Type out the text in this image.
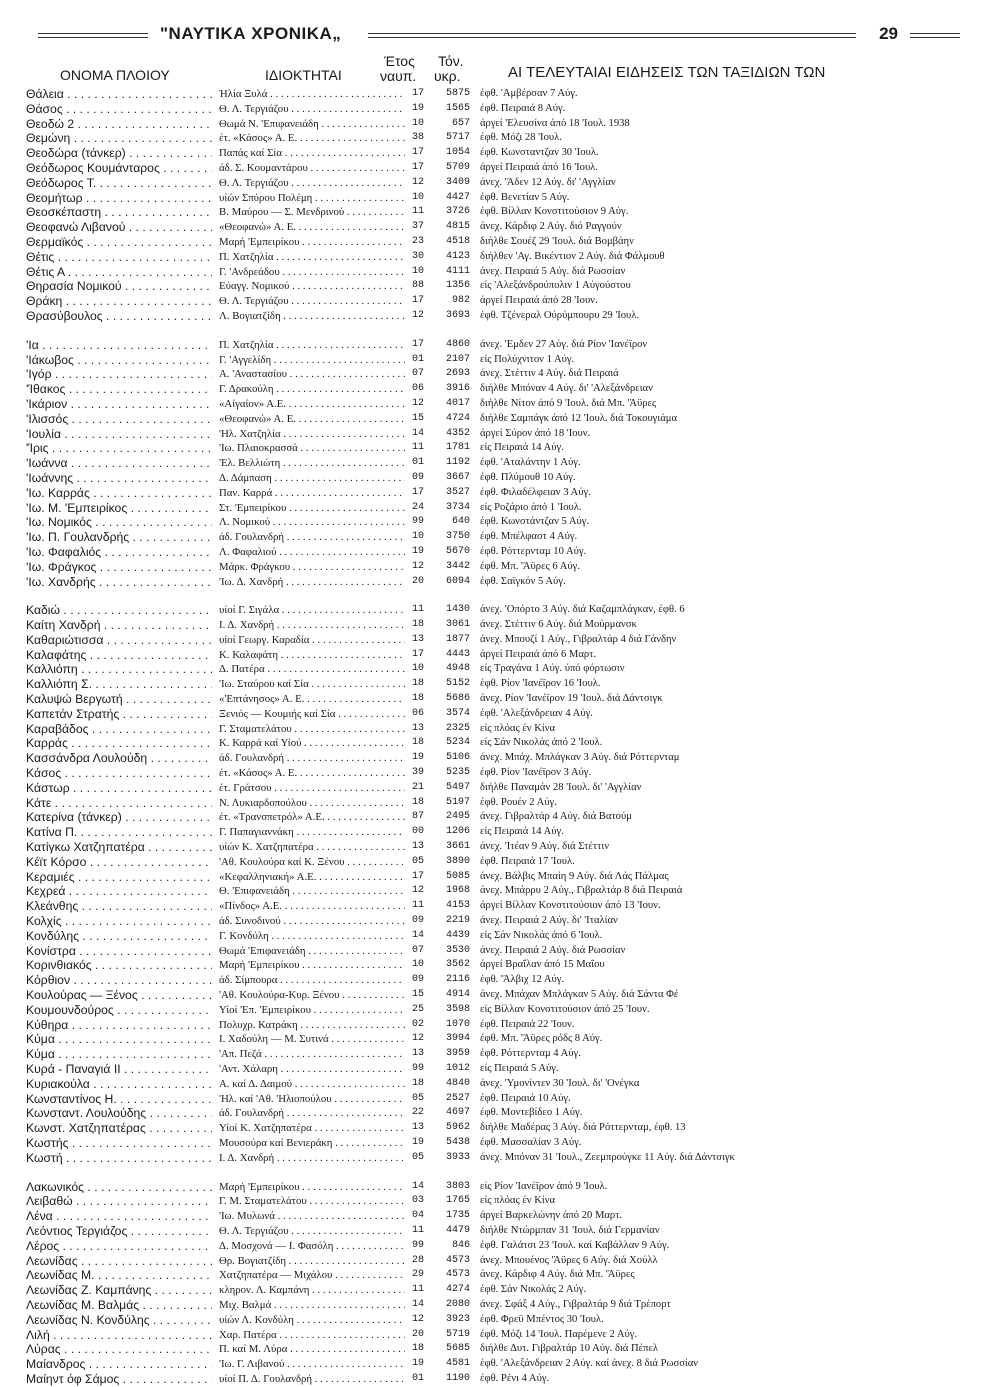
"ΝΑΥΤΙΚΑ ΧΡΟΝΙΚΑ„	29
ΟΝΟΜΑ ΠΛΟΙΟΥ	ΙΔΙΟΚΤΗΤΑΙ
Έτος
ναυπ.
Τόν.
υκρ.	ΑΙ ΤΕΛΕΥΤΑΙΑΙ ΕΙΔΗΣΕΙΣ ΤΩΝ ΤΑΞΙΔΙΩΝ ΤΩΝ
Θάλεια . . .	Ήλία Ξυλά . . .	17	5875 έφθ. 'Αμβέρσαν 7 Αύγ.
Θάσος . . .	Θ. Λ. Τεργιάζου . . .	19	1565 έφθ. Πειραιά 8 Αύγ.
Θεοδώ 2 . . .	Θωμά Ν. 'Επιφανειάδη . . .	10	657 άργεί 'Ελευσίνα άπό 18 'Ιουλ. 1938
Θεμώνη . . .	έτ. «Κάσος» Α. Ε. . . .	38	5717 έφθ. Μόζι 28 'Ιουλ.
Θεοδώρα (τάνκερ) . . .	Παπάς καί Σία . . .	17	1054 έφθ. Κωνσταντζαν 30 'Ιουλ.
Θεόδωρος Κουμάνταρος . . .	άδ. Σ. Κουμαντάρου . . .	17	5709 άργεί Πειραιά άπό 16 'Ιουλ.
Θεόδωρος Τ. . . .	Θ. Λ. Τεργιάζου . . .	12	3409 άνεχ. 'Άδεν 12 Αύγ. δι' 'Αγγλίαν
Θεομήτωρ . . .	υίών Σπύρου Πολέμη . . .	10	4427 έφθ. Βενετίαν 5 Αύγ.
Θεοσκέπαστη . . .	Β. Μαύρου — Σ. Μενδρινού . . .	11	3726 έφθ. Βίλλαν Κονστιτούσιον 9 Αύγ.
Θεοφανώ Λιβανού . . .	«Θεοφανώ» Α. Ε. . . .	37	4815 άνεχ. Κάρδιφ 2 Αύγ. διό Ραγγούν
Θερμαϊκός . . .	Μαρή 'Εμπειρίκου . . .	23	4518 διήλθε Σουέζ 29 'Ιουλ. διά Βομβάην
Θέτις . . .	Π. Χατζηλία . . .	30	4123 διήλθεν 'Αγ. Βικέντιον 2 Αύγ. διά Φάλμουθ
Θέτις Α . . .	Γ. 'Ανδρεάδου . . .	10	4111 άνεχ. Πειραιά 5 Αύγ. διά Ρωσσίαν
Θηρασία Νομικού . . .	Εύαγγ. Νομικού . . .	88	1356 είς 'Αλεξάνδρούπολιν 1 Αύγούστου
Θράκη . . .	Θ. Λ. Τεργιάζου . . .	17	982 άργεί Πειραιά άπό 28 'Ιουν.
Θρασύβουλος . . .	Λ. Βογιατζίδη . . .	12	3693 έφθ. Τζένεραλ Ούρύμπουρυ 29 'Ιουλ.
'Ια . . .	Π. Χατζηλία . . .	17	4860 άνεχ. 'Εμδεν 27 Αύγ. διά Ρίον 'Ιανέϊρον
'Ιάκωβος . . .	Γ. 'Αγγελίδη . . .	01	2107 είς Πολύχνιτον 1 Αύγ.
'Ιγόρ . . .	Α. 'Αναστασίου . . .	07	2693 άνεχ. Στέττιν 4 Αύγ. διά Πειραιά
'Ίθακος . . .	Γ. Δρακούλη . . .	06	3916 διήλθε Μπόναν 4 Αύγ. δι' 'Αλεξάνδρειαν
'Ικάριον . . .	«Αίγαίον» Α.Ε. . . .	12	4017 διήλθε Νίτον άπό 9 'Ιουλ. διά Μπ. 'Άϋρες
'Ιλισσός . . .	«Θεοφανώ» Α. Ε. . . .	15	4724 διήλθε Σαμπάγκ άπό 12 'Ιουλ. διά Τοκουγιάμα
'Ιουλία . . .	'Ηλ. Χατζηλία . . .	14	4352 άργεί Σύρον άπό 18 'Ιουν.
'Ίρις . . .	'Ιω. Πλαιοκρασσά . . .	11	1781 είς Πειραιά 14 Αύγ.
'Ιωάννα . . .	'Ελ. Βελλιώτη . . .	01	1192 έφθ. 'Αταλάντην 1 Αύγ.
'Ιωάννης . . .	Δ. Δάμπαση . . .	09	3667 έφθ. Πλύμουθ 10 Αύγ.
'Ιω. Καρράς . . .	Παν. Καρρά . . .	17	3527 έφθ. Φιλαδέλφειαν 3 Αύγ.
'Ιω. Μ. 'Εμπειρίκος . . .	Στ. 'Εμπειρίκου . . .	24	3734 είς Ροζάριο άπό 1 'Ιουλ.
'Ιω. Νομικός . . .	Λ. Νομικού . . .	99	640 έφθ. Κωνστάντζαν 5 Αύγ.
'Ιω. Π. Γουλανδρής . . .	άδ. Γουλανδρή . . .	10	3750 έφθ. Μπέλφαστ 4 Αύγ.
'Ιω. Φαφαλιός . . .	Λ. Φαφαλιού . . .	19	5670 έφθ. Ρόττερνταμ 10 Αύγ.
'Ιω. Φράγκος . . .	Μάρκ. Φράγκου . . .	12	3442 έφθ. Μπ. 'Άϋρες 6 Αύγ.
'Ιω. Χανδρής . . .	'Ιω. Δ. Χανδρή . . .	20	6094 έφθ. Σαϊγκόν 5 Αύγ.
Καδιώ . . .	υίοί Γ. Σιγάλα . . .	11	1430 άνεχ. 'Οπόρτο 3 Αύγ. διά Καζαμπλάγκαν, έφθ. 6
Καίτη Χανδρή . . .	Ι. Δ. Χανδρή . . .	18	3061 άνεχ. Στέττιν 6 Αύγ. διά Μούρμανσκ
Καθαριώτισσα . . .	υίοί Γεωργ. Καραδία . . .	13	1877 άνεχ. Μπουζί 1 Αύγ., Γιβραλτάρ 4 διά Γάνδην
Καλαφάτης . . .	Κ. Καλαφάτη . . .	17	4443 άργεί Πειραιά άπό 6 Μαρτ.
Καλλιόπη . . .	Δ. Πατέρα . . .	10	4948 είς Τραγάνα 1 Αύγ. ύπό φόρτωσιν
Καλλιόπη Σ. . . .	'Ιω. Σταύρου καί Σία . . .	18	5152 έφθ. Ρίον 'Ιανέϊρον 16 'Ιουλ.
Καλυψώ Βεργωτή . . .	«'Επτάνησος» Α. Ε. . . .	18	5686 άνεχ. Ρίον 'Ιανέϊρον 19 'Ιουλ. διά Δάντσιγκ
Καπετάν Στρατής . . .	Ξενιός — Κουμιής καί Σία . . .	06	3574 έφθ. 'Αλεξάνδρειαν 4 Αύγ.
Καραβάδος . . .	Γ. Σταματελάτου . . .	13	2325 είς πλόας έν Κίνα
Καρράς . . .	Κ. Καρρά καί Υίού . . .	18	5234 είς Σάν Νικολάς άπό 2 'Ιουλ.
Κασσάνδρα Λουλούδη . . .	άδ. Γουλανδρή . . .	19	5106 άνεχ. Μπάχ. Μπλάγκαν 3 Αύγ. διά Ρόττερνταμ
Κάσος . . .	έτ. «Κάσος» Α. Ε. . . .	39	5235 έφθ. Ρίον 'Ιανέϊρον 3 Αύγ.
Κάστωρ . . .	έτ. Γράτσου . . .	21	5497 διήλθε Παναμάν 28 'Ιουλ. δι' 'Αγγλίαν
Κάτε . . .	Ν. Λυκιαρδοπούλου . . .	18	5197 έφθ. Ρουέν 2 Αύγ.
Κατερίνα (τάνκερ) . . .	έτ. «Τρανσπετρόλ» Α.Ε. . . .	87	2495 άνεχ. Γιβραλτάρ 4 Αύγ. διά Βατούμ
Κατίνα Π. . . .	Γ. Παπαγιαννάκη . . .	00	1206 είς Πειραιά 14 Αύγ.
Κατίγκω Χατζηπατέρα . . .	υίών Κ. Χατζηπατέρα . . .	13	3661 άνεχ. 'Ιτέαν 9 Αύγ. διά Στέττιν
Κέϊτ Κόρσο . . .	'Αθ. Κουλούρα καί Κ. Ξένου . . .	05	3890 έφθ. Πειραιά 17 'Ιουλ.
Κεραμιές . . .	«Κεφαλληνιακή» Α.Ε. . . .	17	5085 άνεχ. Βάλβις Μπαίη 9 Αύγ. διά Λάς Πάλμας
Κεχρεά . . .	Θ. 'Επιφανειάδη . . .	12	1968 άνεχ. Μπάρρυ 2 Αύγ., Γιβραλτάρ 8 διά Πειραιά
Κλεάνθης . . .	«Πίνδος» Α.Ε. . . .	11	4153 άργεί Βίλλαν Κονστιτούσιον άπό 13 'Ιουν.
Κολχίς . . .	άδ. Συνοδινού . . .	09	2219 άνεχ. Πειραιά 2 Αύγ. δι' 'Ιταλίαν
Κονδύλης . . .	Γ. Κονδύλη . . .	14	4439 είς Σάν Νικολάς άπό 6 'Ιουλ.
Κονίστρα . . .	Θωμά 'Επιφανειάδη . . .	07	3530 άνεχ. Πειραιά 2 Αύγ. διά Ρωσσίαν
Κορινθιακός . . .	Μαρή 'Εμπειρίκου . . .	10	3562 άργεί Βραΐλαν άπό 15 Μαΐου
Κόρθιον . . .	άδ. Σίμπουρα . . .	09	2116 έφθ. 'Άλβιχ 12 Αύγ.
Κουλούρας — Ξένος . . .	'Αθ. Κουλούρα-Κυρ. Ξένου . . .	15	4914 άνεχ. Μπάχαν Μπλάγκαν 5 Αύγ. διά Σάντα Φέ
Κουμουνδούρος . . .	Υίοί 'Επ. 'Εμπειρίκου . . .	25	3598 είς Βίλλαν Κονστιτούσιον άπό 25 'Ιουν.
Κύθηρα . . .	Πολυχρ. Κατράκη . . .	02	1070 έφθ. Πειραιά 22 'Ιουν.
Κύμα . . .	Ι. Χαδούλη — Μ. Συτινά . . .	12	3994 έφθ. Μπ. 'Άϋρες ρόδς 8 Αύγ.
Κύμα . . .	'Απ. Πεζά . . .	13	3959 έφθ. Ρόττερνταμ 4 Αύγ.
Κυρά - Παναγιά ΙΙ . . .	'Αντ. Χάλαρη . . .	99	1012 είς Πειραιά 5 Αύγ.
Κυριακούλα . . .	Α. καί Δ. Δαιμού . . .	18	4840 άνεχ. 'Υμονίντεν 30 'Ιουλ. δι' 'Ονέγκα
Κωνσταντίνος Η. . . .	'Ηλ. καί 'Αθ. 'Ηλιοπούλου . . .	05	2527 έφθ. Πειραιά 10 Αύγ.
Κωνσταντ. Λουλούδης . . .	άδ. Γουλανδρή . . .	22	4697 έφθ. Μοντεβίδεο 1 Αύγ.
Κωνστ. Χατζηπατέρας . . .	Υίοί Κ. Χατζηπατέρα . . .	13	5962 διήλθε Μαδέρας 3 Αύγ. διά Ρόττερνταμ, έφθ. 13
Κωστής . . .	Μουσούρα καί Βενιεράκη . . .	19	5438 έφθ. Μασσαλίαν 3 Αύγ.
Κωστή . . .	Ι. Δ. Χανδρή . . .	05	3933 άνεχ. Μπόναν 31 'Ιουλ., Ζεεμπρούγκε 11 Αύγ. διά Δάντσιγκ
Λακωνικός . . .	Μαρή 'Εμπειρίκου . . .	14	3803 είς Ρίον 'Ιανέϊρον άπό 9 'Ιουλ.
Λειβαθώ . . .	Γ. Μ. Σταματελάτου . . .	03	1765 είς πλόας έν Κίνα
Λένα . . .	'Ιω. Μυλωνά . . .	04	1735 άργεί Βαρκελώνην άπό 20 Μαρτ.
Λεόντιος Τεργιάζος . . .	Θ. Λ. Τεργιάζου . . .	11	4479 διήλθε Ντώρμπαν 31 'Ιουλ. διά Γερμανίαν
Λέρος . . .	Δ. Μοσχονά — Ι. Φασόλη . . .	99	846 έφθ. Γαλάτσι 23 'Ιουλ. καί Καβάλλαν 9 Αύγ.
Λεωνίδας . . .	Θρ. Βογιατζίδη . . .	28	4573 άνεχ. Μπουένος 'Άϋρες 6 Αύγ. διά Χούλλ
Λεωνίδας Μ. . . .	Χατζηπατέρα — Μιχάλου . . .	29	4573 άνεχ. Κάρδιφ 4 Αύγ. διά Μπ. 'Άϋρες
Λεωνίδας Ζ. Καμπάνης . . .	κληρον. Λ. Καμπάνη . . .	11	4274 έφθ. Σάν Νικολάς 2 Αύγ.
Λεωνίδας Μ. Βαλμάς . . .	Μιχ. Βαλμά . . .	14	2080 άνεχ. Σφάξ 4 Αύγ., Γιβραλτάρ 9 διά Τρέπορτ
Λεωνίδας Ν. Κονδύλης . . .	υίών Λ. Κονδύλη . . .	12	3923 έφθ. Φρεϋ Μπέντος 30 'Ιουλ.
Λιλή . . .	Χαρ. Πατέρα . . .	20	5719 έφθ. Μόζι 14 'Ιουλ. Παρέμενε 2 Αύγ.
Λύρας . . .	Π. καί Μ. Λύρα . . .	18	5685 διήλθε Δυτ. Γιβραλτάρ 10 Αύγ. διά Πέπελ
Μαίανδρος . . .	'Ιω. Γ. Λιβανού . . .	19	4581 έφθ. 'Αλεξάνδρειαν 2 Αύγ. καί άνεχ. 8 διά Ρωσσίαν
Μαίηντ όφ Σάμος . . .	υίοί Π. Δ. Γουλανδρή . . .	01	1190 έφθ. Ρένι 4 Αύγ.
